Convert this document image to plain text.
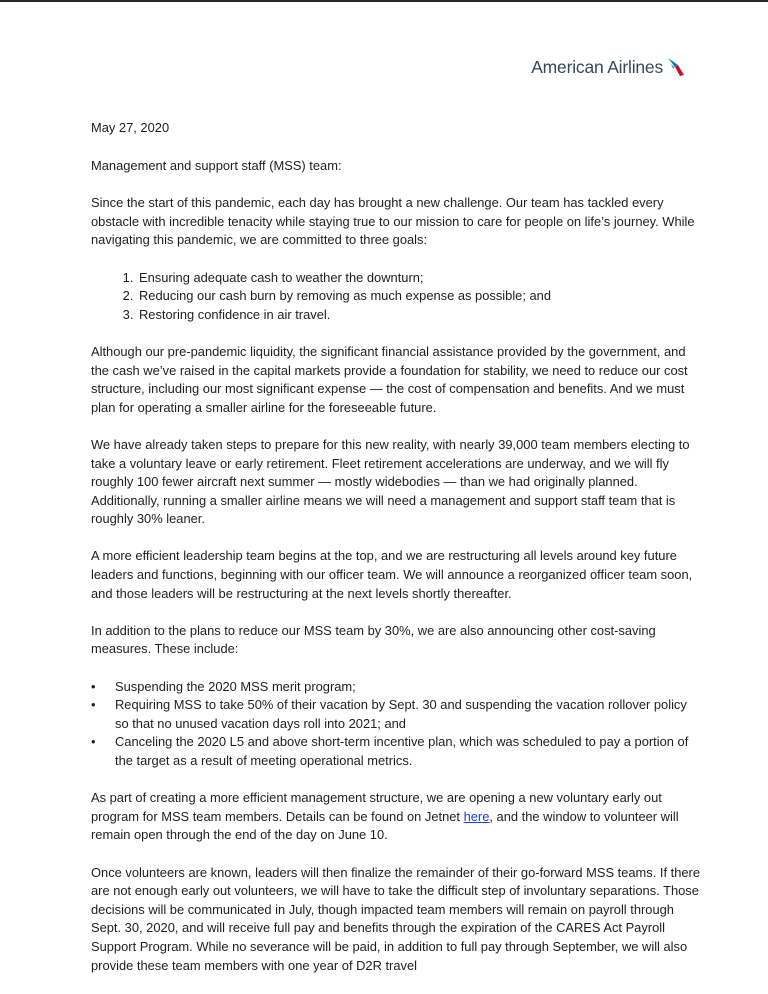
American Airlines

May 27, 2020

Management and support staff (MSS) team:

Since the start of this pandemic, each day has brought a new challenge. Our team has tackled every obstacle with incredible tenacity while staying true to our mission to care for people on life’s journey. While navigating this pandemic, we are committed to three goals:

1. Ensuring adequate cash to weather the downturn;
2. Reducing our cash burn by removing as much expense as possible; and
3. Restoring confidence in air travel.

Although our pre-pandemic liquidity, the significant financial assistance provided by the government, and the cash we’ve raised in the capital markets provide a foundation for stability, we need to reduce our cost structure, including our most significant expense — the cost of compensation and benefits. And we must plan for operating a smaller airline for the foreseeable future.

We have already taken steps to prepare for this new reality, with nearly 39,000 team members electing to take a voluntary leave or early retirement. Fleet retirement accelerations are underway, and we will fly roughly 100 fewer aircraft next summer — mostly widebodies — than we had originally planned. Additionally, running a smaller airline means we will need a management and support staff team that is roughly 30% leaner.

A more efficient leadership team begins at the top, and we are restructuring all levels around key future leaders and functions, beginning with our officer team. We will announce a reorganized officer team soon, and those leaders will be restructuring at the next levels shortly thereafter.

In addition to the plans to reduce our MSS team by 30%, we are also announcing other cost-saving measures. These include:

•	Suspending the 2020 MSS merit program;
•	Requiring MSS to take 50% of their vacation by Sept. 30 and suspending the vacation rollover policy so that no unused vacation days roll into 2021; and
•	Canceling the 2020 L5 and above short-term incentive plan, which was scheduled to pay a portion of the target as a result of meeting operational metrics.

As part of creating a more efficient management structure, we are opening a new voluntary early out program for MSS team members. Details can be found on Jetnet here, and the window to volunteer will remain open through the end of the day on June 10.

Once volunteers are known, leaders will then finalize the remainder of their go-forward MSS teams. If there are not enough early out volunteers, we will have to take the difficult step of involuntary separations. Those decisions will be communicated in July, though impacted team members will remain on payroll through Sept. 30, 2020, and will receive full pay and benefits through the expiration of the CARES Act Payroll Support Program. While no severance will be paid, in addition to full pay through September, we will also provide these team members with one year of D2R travel
